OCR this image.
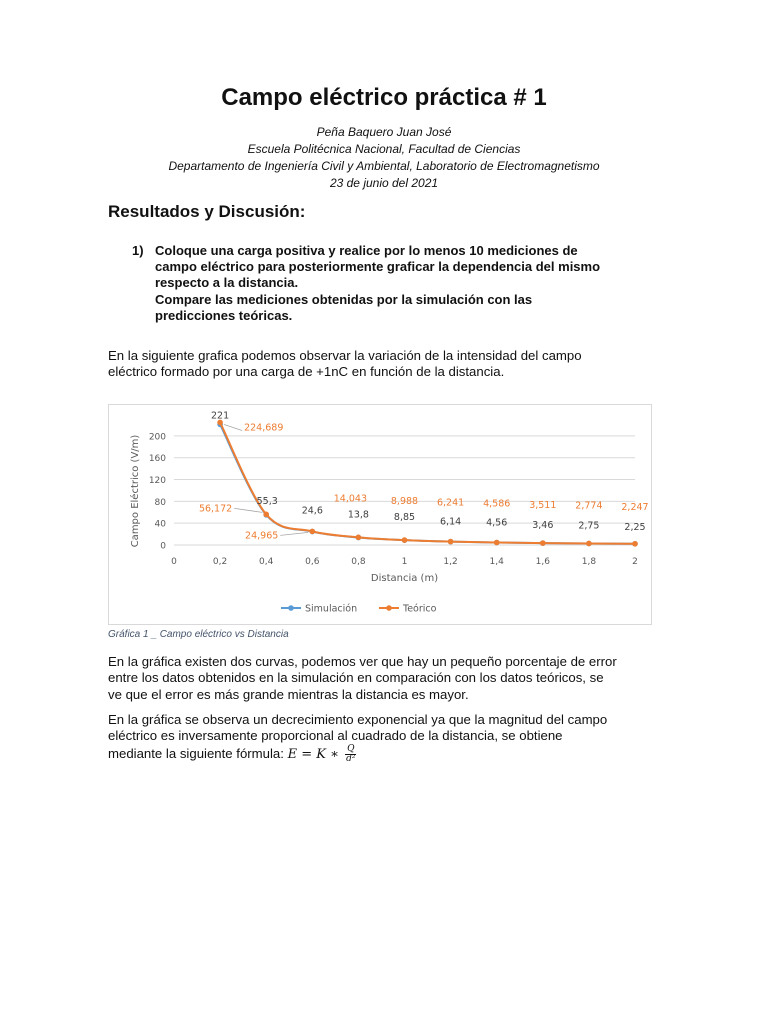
Campo eléctrico práctica # 1
Peña Baquero Juan José
Escuela Politécnica Nacional, Facultad de Ciencias
Departamento de Ingeniería Civil y Ambiental, Laboratorio de Electromagnetismo
23 de junio del 2021
Resultados y Discusión:
1) Coloque una carga positiva y realice por lo menos 10 mediciones de
campo eléctrico para posteriormente graficar la dependencia del mismo
respecto a la distancia.
Compare las mediciones obtenidas por la simulación con las
predicciones teóricas.
En la siguiente grafica podemos observar la variación de la intensidad del campo
eléctrico formado por una carga de +1nC en función de la distancia.
0
40
80
120
160
200
0	0,2	0,4	0,6	0,8	1	1,2	1,4	1,6	1,8	2
Distancia (m)
Campo Eléctrico (V/m)
221
55,3
24,6	13,8	8,85	6,14	4,56	3,46	2,75	2,25
224,689
56,172
24,965
14,043	8,988 6,241 4,586 3,511 2,774 2,247
Simulación	Teórico
Gráfica 1 _ Campo eléctrico vs Distancia
En la gráfica existen dos curvas, podemos ver que hay un pequeño porcentaje de error
entre los datos obtenidos en la simulación en comparación con los datos teóricos, se
ve que el error es más grande mientras la distancia es mayor.
En la gráfica se observa un decrecimiento exponencial ya que la magnitud del campo
eléctrico es inversamente proporcional al cuadrado de la distancia, se obtiene
mediante la siguiente fórmula: E = K ∗ $\frac{Q}{\text{d²}}$
